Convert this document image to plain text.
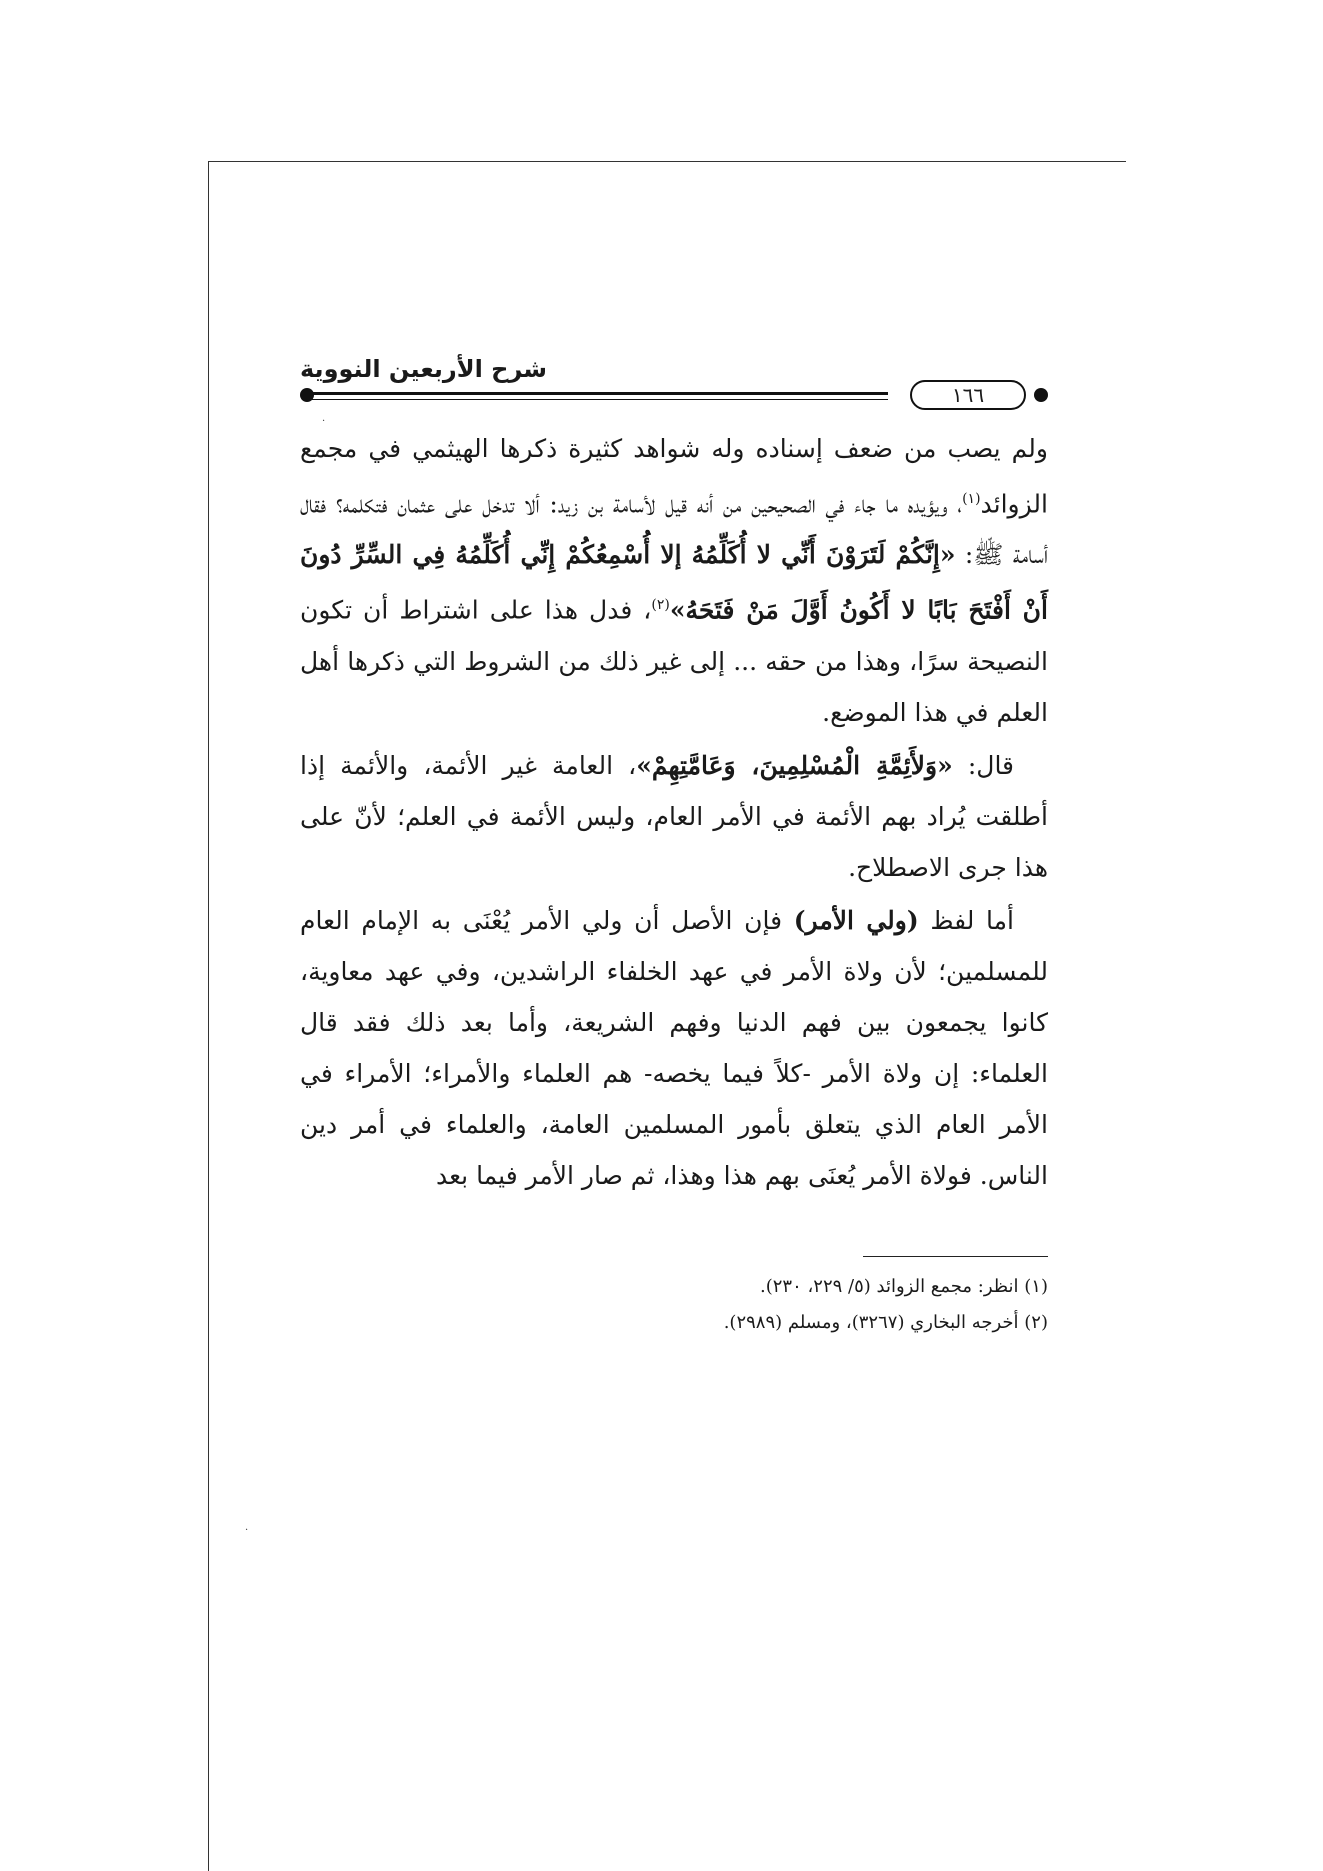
·
·
شرح الأربعين النووية
١٦٦

ولم يصب من ضعف إسناده وله شواهد كثيرة ذكرها الهيثمي في مجمع الزوائد$^{(١)}$، ويؤيده ما جاء في الصحيحين من أنه قيل لأسامة بن زيد: ألا تدخل على عثمان فتكلمه؟ فقال أسامة ﷺ: «إِنَّكُمْ لَتَرَوْنَ أَنِّي لا أُكَلِّمُهُ إلا أُسْمِعُكُمْ إِنِّي أُكَلِّمُهُ فِي السِّرِّ دُونَ أَنْ أَفْتَحَ بَابًا لا أَكُونُ أَوَّلَ مَنْ فَتَحَهُ»$^{(٢)}$، فدل هذا على اشتراط أن تكون النصيحة سرًا، وهذا من حقه ... إلى غير ذلك من الشروط التي ذكرها أهل العلم في هذا الموضع.

قال: «وَلأَئِمَّةِ الْمُسْلِمِينَ، وَعَامَّتِهِمْ»، العامة غير الأئمة، والأئمة إذا أطلقت يُراد بهم الأئمة في الأمر العام، وليس الأئمة في العلم؛ لأنّ على هذا جرى الاصطلاح.

أما لفظ (ولي الأمر) فإن الأصل أن ولي الأمر يُعْنَى به الإمام العام للمسلمين؛ لأن ولاة الأمر في عهد الخلفاء الراشدين، وفي عهد معاوية، كانوا يجمعون بين فهم الدنيا وفهم الشريعة، وأما بعد ذلك فقد قال العلماء: إن ولاة الأمر -كلاً فيما يخصه- هم العلماء والأمراء؛ الأمراء في الأمر العام الذي يتعلق بأمور المسلمين العامة، والعلماء في أمر دين الناس. فولاة الأمر يُعنَى بهم هذا وهذا، ثم صار الأمر فيما بعد

(١) انظر: مجمع الزوائد (٥/ ٢٢٩، ٢٣٠).

(٢) أخرجه البخاري (٣٢٦٧)، ومسلم (٢٩٨٩).
